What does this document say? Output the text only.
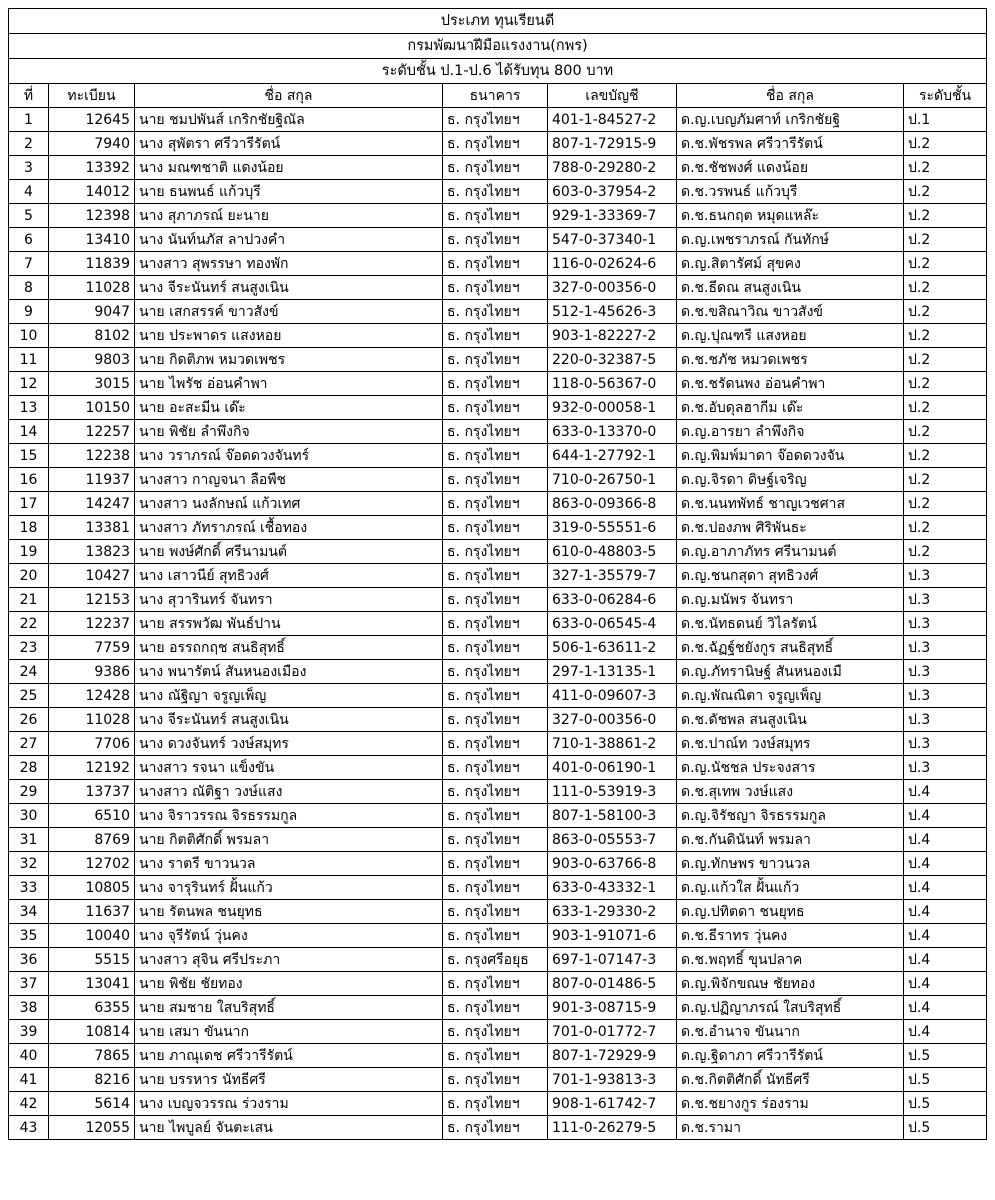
ประเภท ทุนเรียนดี						
กรมพัฒนาฝีมือแรงงาน(กพร)						
ระดับชั้น ป.1-ป.6 ได้รับทุน 800 บาท						
ที่	ทะเบียน	ชื่อ สกุล	ธนาคาร	เลขบัญชี	ชื่อ สกุล	ระดับชั้น
1	12645	นาย ชมปพันส์ เกริกชัยฐิณัล	ธ. กรุงไทยฯ	401-1-84527-2	ด.ญ.เบญภัมศาท์ เกริกชัยฐิ	ป.1
2	7940	นาง สุพัตรา ศรีวารีรัตน์	ธ. กรุงไทยฯ	807-1-72915-9	ด.ช.พัชรพล ศรีวารีรัตน์	ป.2
3	13392	นาง มณฑชาติ แดงน้อย	ธ. กรุงไทยฯ	788-0-29280-2	ด.ช.ชัชพงศ์ แดงน้อย	ป.2
4	14012	นาย ธนพนธ์ แก้วบุรี	ธ. กรุงไทยฯ	603-0-37954-2	ด.ช.วรพนธ์ แก้วบุรี	ป.2
5	12398	นาง สุภาภรณ์ ยะนาย	ธ. กรุงไทยฯ	929-1-33369-7	ด.ช.ธนกฤต หมุดแหล๊ะ	ป.2
6	13410	นาง นันท์นภัส ลาปวงคำ	ธ. กรุงไทยฯ	547-0-37340-1	ด.ญ.เพชราภรณ์ กันทักษ์	ป.2
7	11839	นางสาว สุพรรษา ทองพัก	ธ. กรุงไทยฯ	116-0-02624-6	ด.ญ.สิตารัศม์ สุขคง	ป.2
8	11028	นาง จีระนันทร์ สนสูงเนิน	ธ. กรุงไทยฯ	327-0-00356-0	ด.ช.ธีดณ สนสูงเนิน	ป.2
9	9047	นาย เสกสรรค์ ขาวสังข์	ธ. กรุงไทยฯ	512-1-45626-3	ด.ช.ขสิณาวิณ ขาวสังข์	ป.2
10	8102	นาย ประพาดร แสงหอย	ธ. กรุงไทยฯ	903-1-82227-2	ด.ญ.ปุณฑรี แสงหอย	ป.2
11	9803	นาย กิดติภพ หมวดเพชร	ธ. กรุงไทยฯ	220-0-32387-5	ด.ช.ชภัช หมวดเพชร	ป.2
12	3015	นาย ไพรัช อ่อนคำพา	ธ. กรุงไทยฯ	118-0-56367-0	ด.ช.ชรัดนพง อ่อนคำพา	ป.2
13	10150	นาย อะสะมีน เด๊ะ	ธ. กรุงไทยฯ	932-0-00058-1	ด.ช.อับดุลฮากีม เด๊ะ	ป.2
14	12257	นาย พิชัย ลำพึงกิจ	ธ. กรุงไทยฯ	633-0-13370-0	ด.ญ.อารยา ลำพึงกิจ	ป.2
15	12238	นาง วราภรณ์ จ๊อดดวงจันทร์	ธ. กรุงไทยฯ	644-1-27792-1	ด.ญ.พิมพ์มาดา จ๊อดดวงจัน	ป.2
16	11937	นางสาว กาญจนา ลือพืช	ธ. กรุงไทยฯ	710-0-26750-1	ด.ญ.จิรดา ดิษฐ์เจริญ	ป.2
17	14247	นางสาว นงลักษณ์ แก้วเทศ	ธ. กรุงไทยฯ	863-0-09366-8	ด.ช.นนทพัทธ์ ชาญเวชศาส	ป.2
18	13381	นางสาว ภัทราภรณ์ เชื้อทอง	ธ. กรุงไทยฯ	319-0-55551-6	ด.ช.ปองภพ ศิริพันธะ	ป.2
19	13823	นาย พงษ์ศักดิ์ ศรีนามนต์	ธ. กรุงไทยฯ	610-0-48803-5	ด.ญ.อาภาภัทร ศรีนามนต์	ป.2
20	10427	นาง เสาวนีย์ สุทธิวงศ์	ธ. กรุงไทยฯ	327-1-35579-7	ด.ญ.ชนกสุดา สุทธิวงศ์	ป.3
21	12153	นาง สุวารินทร์ จันทรา	ธ. กรุงไทยฯ	633-0-06284-6	ด.ญ.มนัพร จันทรา	ป.3
22	12237	นาย สรรพวัฒ พันธ์ปาน	ธ. กรุงไทยฯ	633-0-06545-4	ด.ช.นัทธดนย์ วิไลรัตน์	ป.3
23	7759	นาย อรรถกฤช สนธิสุทธิ์	ธ. กรุงไทยฯ	506-1-63611-2	ด.ช.ฉัฏฐ์ชยังกูร สนธิสุทธิ์	ป.3
24	9386	นาง พนารัตน์ สันหนองเมือง	ธ. กรุงไทยฯ	297-1-13135-1	ด.ญ.ภัทรานิษฐ์ สันหนองเมื	ป.3
25	12428	นาง ณัฐิญา จรูญเพ็ญ	ธ. กรุงไทยฯ	411-0-09607-3	ด.ญ.พัณณิตา จรูญเพ็ญ	ป.3
26	11028	นาง จีระนันทร์ สนสูงเนิน	ธ. กรุงไทยฯ	327-0-00356-0	ด.ช.ดัชพล สนสูงเนิน	ป.3
27	7706	นาง ดวงจันทร์ วงษ์สมุทร	ธ. กรุงไทยฯ	710-1-38861-2	ด.ช.ปาณ์ท วงษ์สมุทร	ป.3
28	12192	นางสาว รจนา แข็งขัน	ธ. กรุงไทยฯ	401-0-06190-1	ด.ญ.นัชชล ประจงสาร	ป.3
29	13737	นางสาว ณัติฐา วงษ์แสง	ธ. กรุงไทยฯ	111-0-53919-3	ด.ช.สุเทพ วงษ์แสง	ป.4
30	6510	นาง จิราวรรณ จิรธรรมกูล	ธ. กรุงไทยฯ	807-1-58100-3	ด.ญ.จิรัชญา จิรธรรมกูล	ป.4
31	8769	นาย กิตติศักดิ์ พรมลา	ธ. กรุงไทยฯ	863-0-05553-7	ด.ช.กันดินันท์ พรมลา	ป.4
32	12702	นาง ราตรี ขาวนวล	ธ. กรุงไทยฯ	903-0-63766-8	ด.ญ.ทักษพร ขาวนวล	ป.4
33	10805	นาง จารุรินทร์ ฝั้นแก้ว	ธ. กรุงไทยฯ	633-0-43332-1	ด.ญ.แก้วใส ฝั้นแก้ว	ป.4
34	11637	นาย รัตนพล ชนยุทธ	ธ. กรุงไทยฯ	633-1-29330-2	ด.ญ.ปทิตดา ชนยุทธ	ป.4
35	10040	นาง จุรีรัตน์ วุ่นคง	ธ. กรุงไทยฯ	903-1-91071-6	ด.ช.ธีราทร วุ่นคง	ป.4
36	5515	นางสาว สุจิน ศรีประภา	ธ. กรุงศรีอยุธ	697-1-07147-3	ด.ช.พฤทธิ์ ขุนปลาค	ป.4
37	13041	นาย พิชัย ชัยทอง	ธ. กรุงไทยฯ	807-0-01486-5	ด.ญ.พิจักขณษ ชัยทอง	ป.4
38	6355	นาย สมชาย ใสบริสุทธิ์	ธ. กรุงไทยฯ	901-3-08715-9	ด.ญ.ปฏิญาภรณ์ ใสบริสุทธิ์	ป.4
39	10814	นาย เสมา ขันนาก	ธ. กรุงไทยฯ	701-0-01772-7	ด.ช.อำนาจ ขันนาก	ป.4
40	7865	นาย ภาณุเดช ศรีวารีรัตน์	ธ. กรุงไทยฯ	807-1-72929-9	ด.ญ.ฐิดาภา ศรีวารีรัตน์	ป.5
41	8216	นาย บรรหาร นัทธีศรี	ธ. กรุงไทยฯ	701-1-93813-3	ด.ช.กิตติศักดิ์ นัทธีศรี	ป.5
42	5614	นาง เบญจวรรณ ร่วงราม	ธ. กรุงไทยฯ	908-1-61742-7	ด.ช.ชยางกูร ร่องราม	ป.5
43	12055	นาย ไพบูลย์ จันตะเสน	ธ. กรุงไทยฯ	111-0-26279-5	ด.ช.รามา	ป.5
